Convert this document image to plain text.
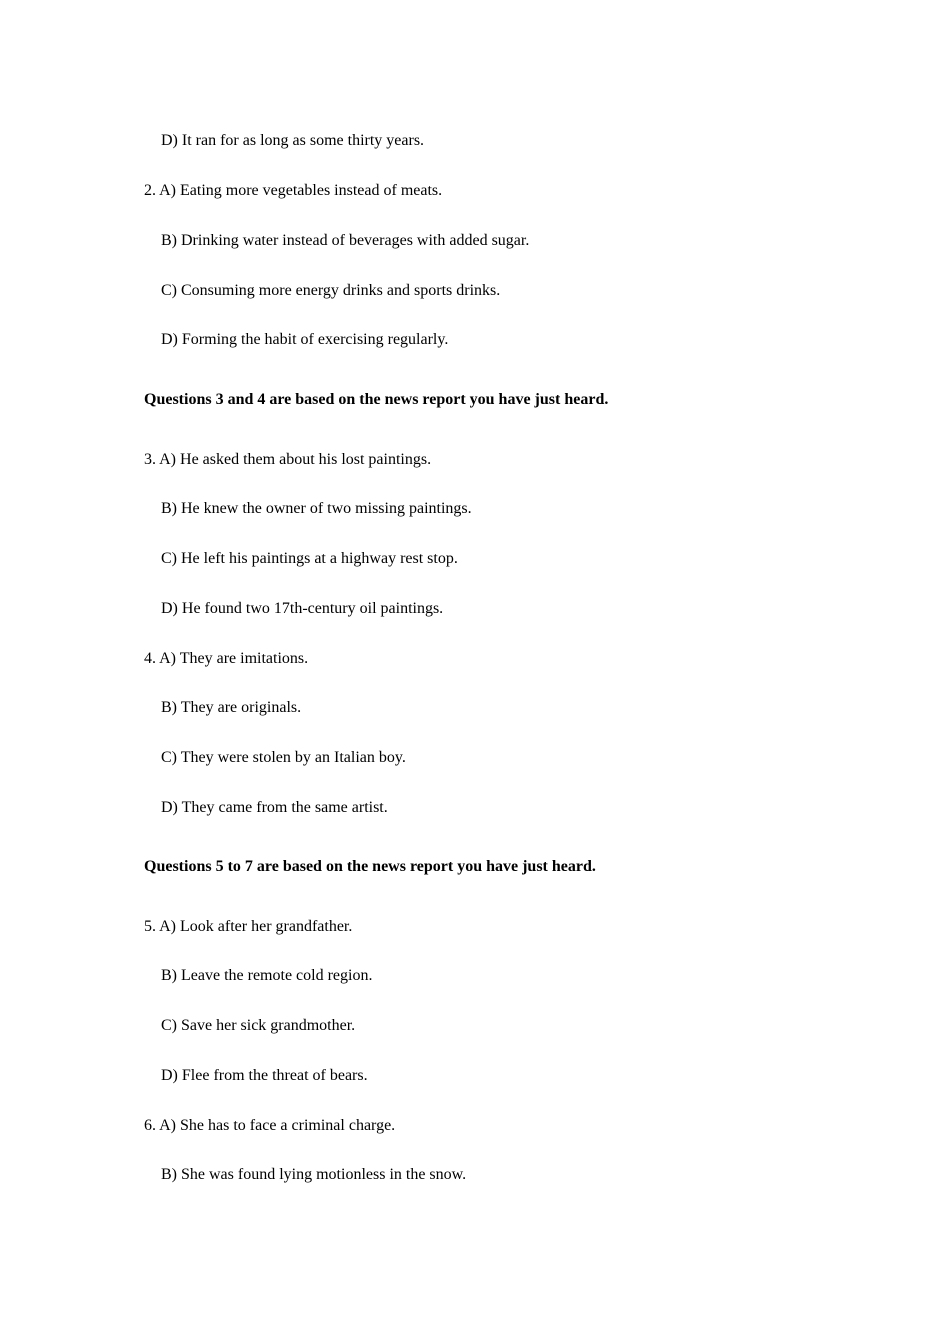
D) It ran for as long as some thirty years.
2. A) Eating more vegetables instead of meats.
B) Drinking water instead of beverages with added sugar.
C) Consuming more energy drinks and sports drinks.
D) Forming the habit of exercising regularly.
Questions 3 and 4 are based on the news report you have just heard.
3. A) He asked them about his lost paintings.
B) He knew the owner of two missing paintings.
C) He left his paintings at a highway rest stop.
D) He found two 17th-century oil paintings.
4. A) They are imitations.
B) They are originals.
C) They were stolen by an Italian boy.
D) They came from the same artist.
Questions 5 to 7 are based on the news report you have just heard.
5. A) Look after her grandfather.
B) Leave the remote cold region.
C) Save her sick grandmother.
D) Flee from the threat of bears.
6. A) She has to face a criminal charge.
B) She was found lying motionless in the snow.
